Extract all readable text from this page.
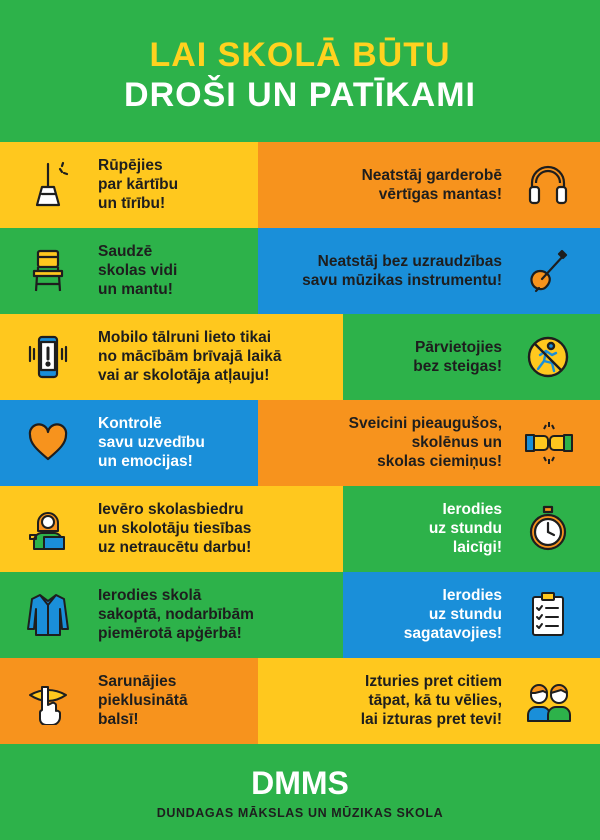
LAI SKOLĀ BŪTU
DROŠI UN PATĪKAMI
Rūpējies
par kārtību
un tīrību!
Neatstāj garderobē
vērtīgas mantas!
Saudzē
skolas vidi
un mantu!
Neatstāj bez uzraudzības
savu mūzikas instrumentu!
Mobilo tālruni lieto tikai
no mācībām brīvajā laikā
vai ar skolotāja atļauju!
Pārvietojies
bez steigas!
Kontrolē
savu uzvedību
un emocijas!
Sveicini pieaugušos,
skolēnus un
skolas ciemiņus!
Ievēro skolasbiedru
un skolotāju tiesības
uz netraucētu darbu!
Ierodies
uz stundu
laicīgi!
Ierodies skolā
sakoptā, nodarbībām
piemērotā apģērbā!
Ierodies
uz stundu
sagatavojies!
Sarunājies
pieklusinātā
balsī!
Izturies pret citiem
tāpat, kā tu vēlies,
lai izturas pret tevi!
DMMS
DUNDAGAS MĀKSLAS UN MŪZIKAS SKOLA
